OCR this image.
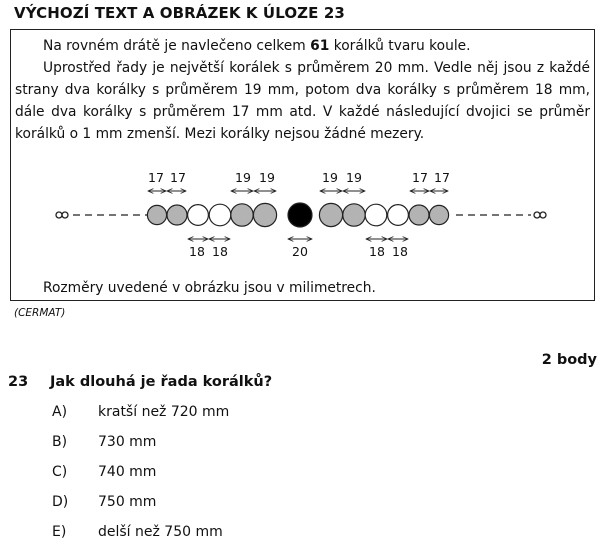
VÝCHOZÍ TEXT A OBRÁZEK K ÚLOZE 23

Na rovném drátě je navlečeno celkem 61 korálků tvaru koule.

Uprostřed řady je největší korálek s průměrem 20 mm. Vedle něj jsou z každé strany dva korálky s průměrem 19 mm, potom dva korálky s průměrem 18 mm, dále dva korálky s průměrem 17 mm atd. V každé následující dvojici se průměr korálků o 1 mm zmenší. Mezi korálky nejsou žádné mezery.

17 17	19 19	19 19	17 17
18 18	20	18 18
Rozměry uvedené v obrázku jsou v milimetrech.
(CERMAT)
2 body
23 Jak dlouhá je řada korálků?
A) kratší než 720 mm
B) 730 mm
C) 740 mm
D) 750 mm
E) delší než 750 mm
